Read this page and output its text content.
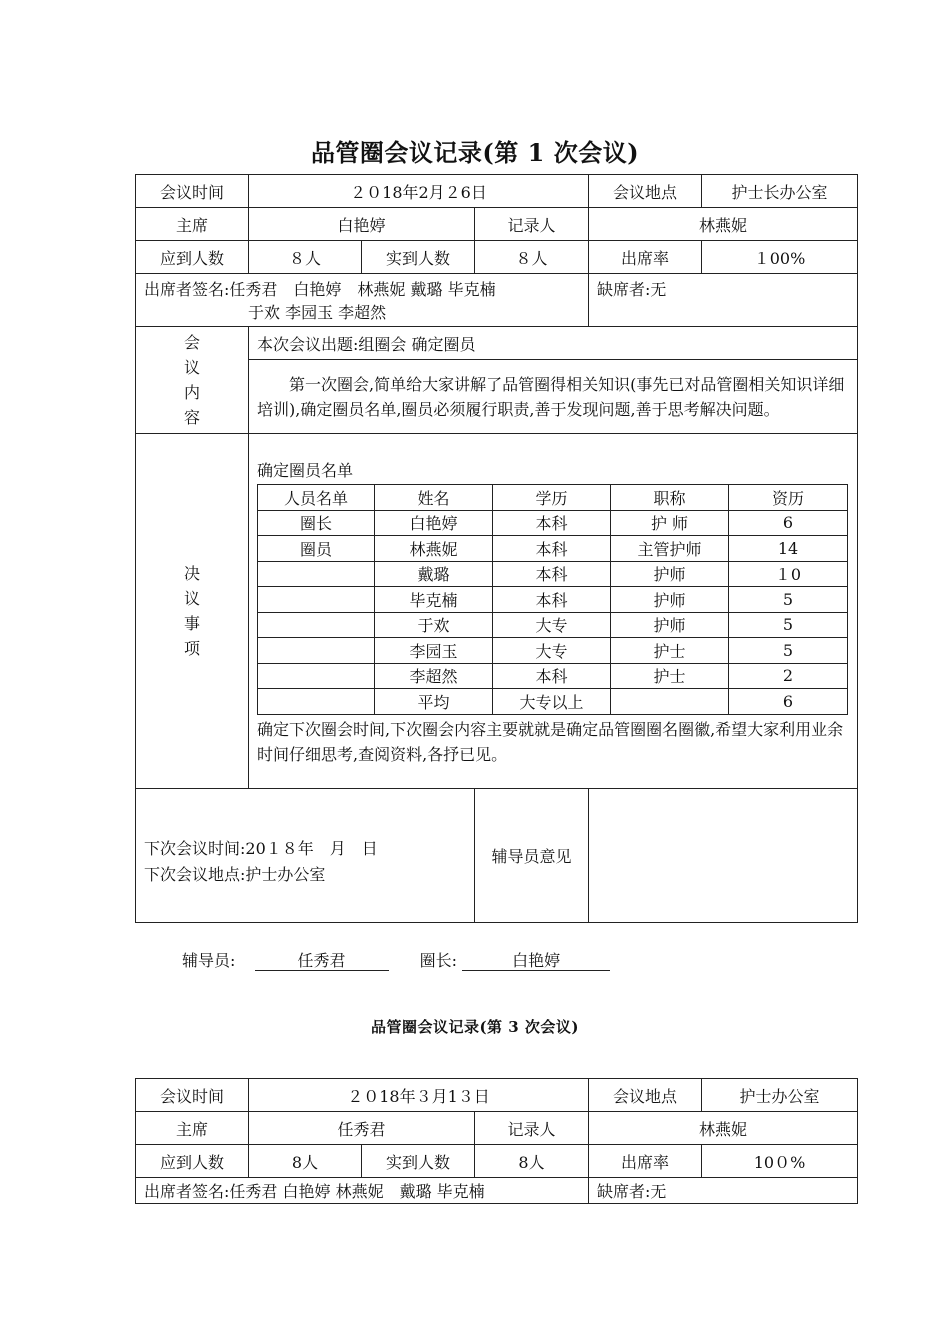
品管圈会议记录(第 1 次会议)
会议时间	２０18年2月２6日	会议地点	护士长办公室
主席	白艳婷	记录人	林燕妮
应到人数	８人	实到人数	８人	出席率	１00%

出席者签名:任秀君　白艳婷　林燕妮 戴璐 毕克楠
于欢 李园玉 李超然
	缺席者:无

会
议
内
容
	本次会议出题:组圈会 确定圈员
第一次圈会,简单给大家讲解了品管圈得相关知识(事先已对品管圈相关知识详细培训),确定圈员名单,圈员必须履行职责,善于发现问题,善于思考解决问题。

决
议
事
项

确定圈员名单
人员名单	姓名	学历	职称	资历
圈长	白艳婷	本科	护 师	6
圈员	林燕妮	本科	主管护师	14
	戴璐	本科	护师	１0
	毕克楠	本科	护师	5
	于欢	大专	护师	5
	李园玉	大专	护士	5
	李超然	本科	护士	2
	平均	大专以上		6
确定下次圈会时间,下次圈会内容主要就就是确定品管圈圈名圈徽,希望大家利用业余时间仔细思考,查阅资料,各抒已见。

下次会议时间:20１８年　月　日
下次会议地点:护士办公室
	辅导员意见	
辅导员:	任秀君	圈长:	白艳婷
品管圈会议记录(第 3 次会议)
会议时间	２０18年３月1３日			会议地点	护士办公室
主席	任秀君		记录人	林燕妮	
应到人数	8人	实到人数	8人	出席率	10０%
出席者签名:任秀君 白艳婷 林燕妮　戴璐 毕克楠				缺席者:无	
